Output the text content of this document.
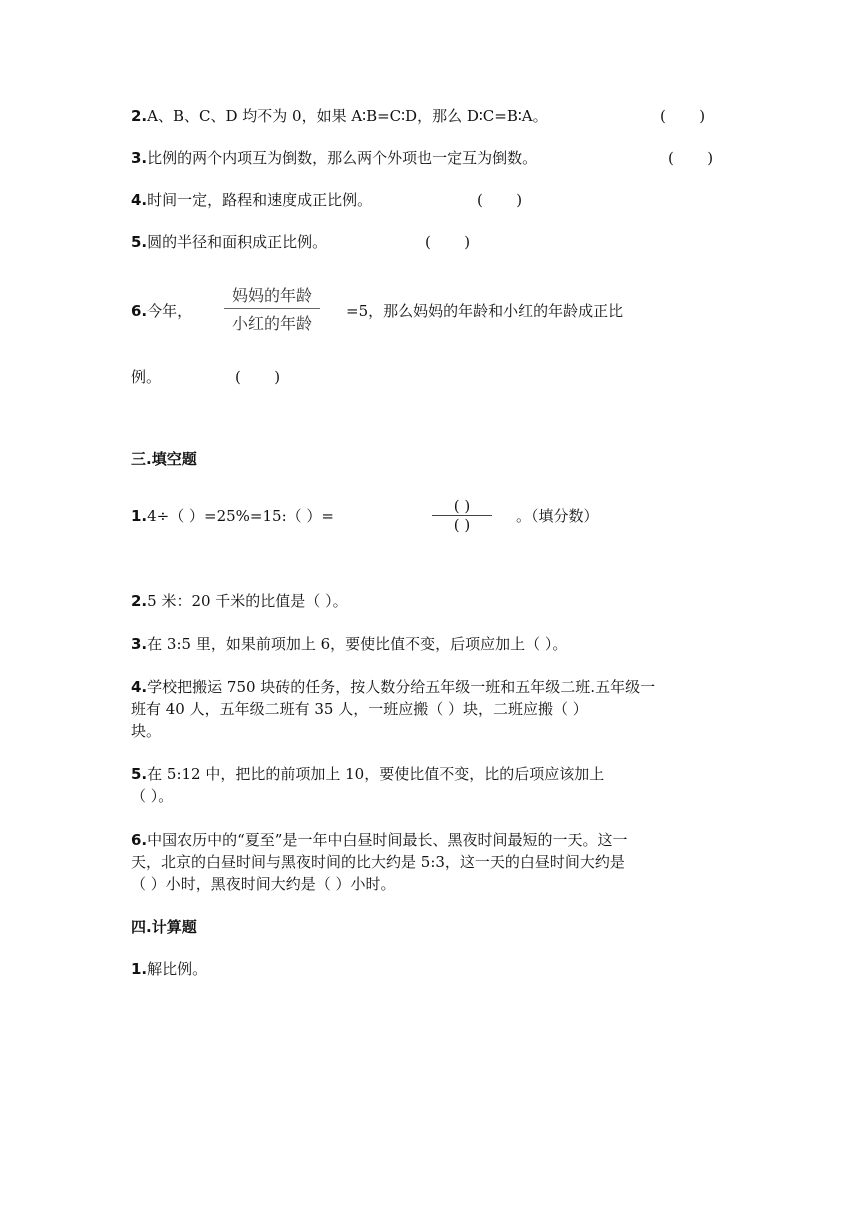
2.A、B、C、D 均不为 0，如果 A∶B=C∶D，那么 D∶C=B∶A。	(       )
3.比例的两个内项互为倒数，那么两个外项也一定互为倒数。	(       )
4.时间一定，路程和速度成正比例。	(       )
5.圆的半径和面积成正比例。	(       )
6.今年，
妈妈的年龄
小红的年龄
=5，那么妈妈的年龄和小红的年龄成正比
例。	(       )
三.填空题
1.4÷（ ）=25%=15:（ ）=
( )
( )	。（填分数）
2.5 米：20 千米的比值是（ ）。
3.在 3:5 里，如果前项加上 6，要使比值不变，后项应加上（ ）。
4.学校把搬运 750 块砖的任务，按人数分给五年级一班和五年级二班.五年级一
班有 40 人，五年级二班有 35 人，一班应搬（ ）块，二班应搬（ ）
块。
5.在 5:12 中，把比的前项加上 10，要使比值不变，比的后项应该加上
（ ）。
6.中国农历中的“夏至”是一年中白昼时间最长、黑夜时间最短的一天。这一
天，北京的白昼时间与黑夜时间的比大约是 5:3，这一天的白昼时间大约是
（ ）小时，黑夜时间大约是（ ）小时。
四.计算题
1.解比例。
